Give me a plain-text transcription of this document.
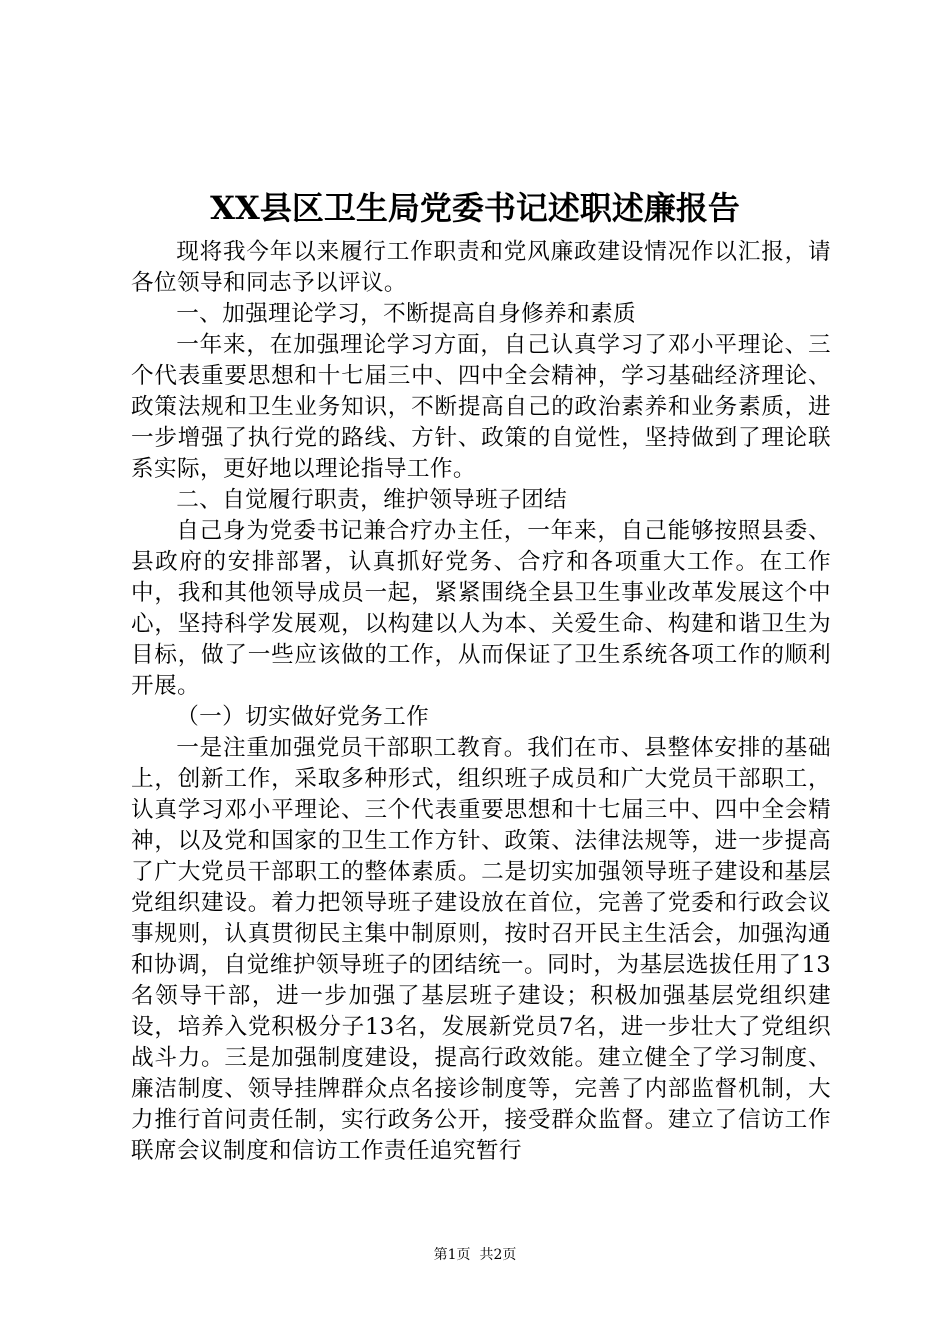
XX县区卫生局党委书记述职述廉报告

现将我今年以来履行工作职责和党风廉政建设情况作以汇报，请各位领导和同志予以评议。

一、加强理论学习，不断提高自身修养和素质

一年来，在加强理论学习方面，自己认真学习了邓小平理论、三个代表重要思想和十七届三中、四中全会精神，学习基础经济理论、政策法规和卫生业务知识，不断提高自己的政治素养和业务素质，进一步增强了执行党的路线、方针、政策的自觉性，坚持做到了理论联系实际，更好地以理论指导工作。

二、自觉履行职责，维护领导班子团结

自己身为党委书记兼合疗办主任，一年来，自己能够按照县委、县政府的安排部署，认真抓好党务、合疗和各项重大工作。在工作中，我和其他领导成员一起，紧紧围绕全县卫生事业改革发展这个中心，坚持科学发展观，以构建以人为本、关爱生命、构建和谐卫生为目标，做了一些应该做的工作，从而保证了卫生系统各项工作的顺利开展。

（一）切实做好党务工作

一是注重加强党员干部职工教育。我们在市、县整体安排的基础上，创新工作，采取多种形式，组织班子成员和广大党员干部职工，认真学习邓小平理论、三个代表重要思想和十七届三中、四中全会精神，以及党和国家的卫生工作方针、政策、法律法规等，进一步提高了广大党员干部职工的整体素质。二是切实加强领导班子建设和基层党组织建设。着力把领导班子建设放在首位，完善了党委和行政会议事规则，认真贯彻民主集中制原则，按时召开民主生活会，加强沟通和协调，自觉维护领导班子的团结统一。同时，为基层选拔任用了13名领导干部，进一步加强了基层班子建设；积极加强基层党组织建设，培养入党积极分子13名，发展新党员7名，进一步壮大了党组织战斗力。三是加强制度建设，提高行政效能。建立健全了学习制度、廉洁制度、领导挂牌群众点名接诊制度等，完善了内部监督机制，大力推行首问责任制，实行政务公开，接受群众监督。建立了信访工作联席会议制度和信访工作责任追究暂行

第1页 共2页
